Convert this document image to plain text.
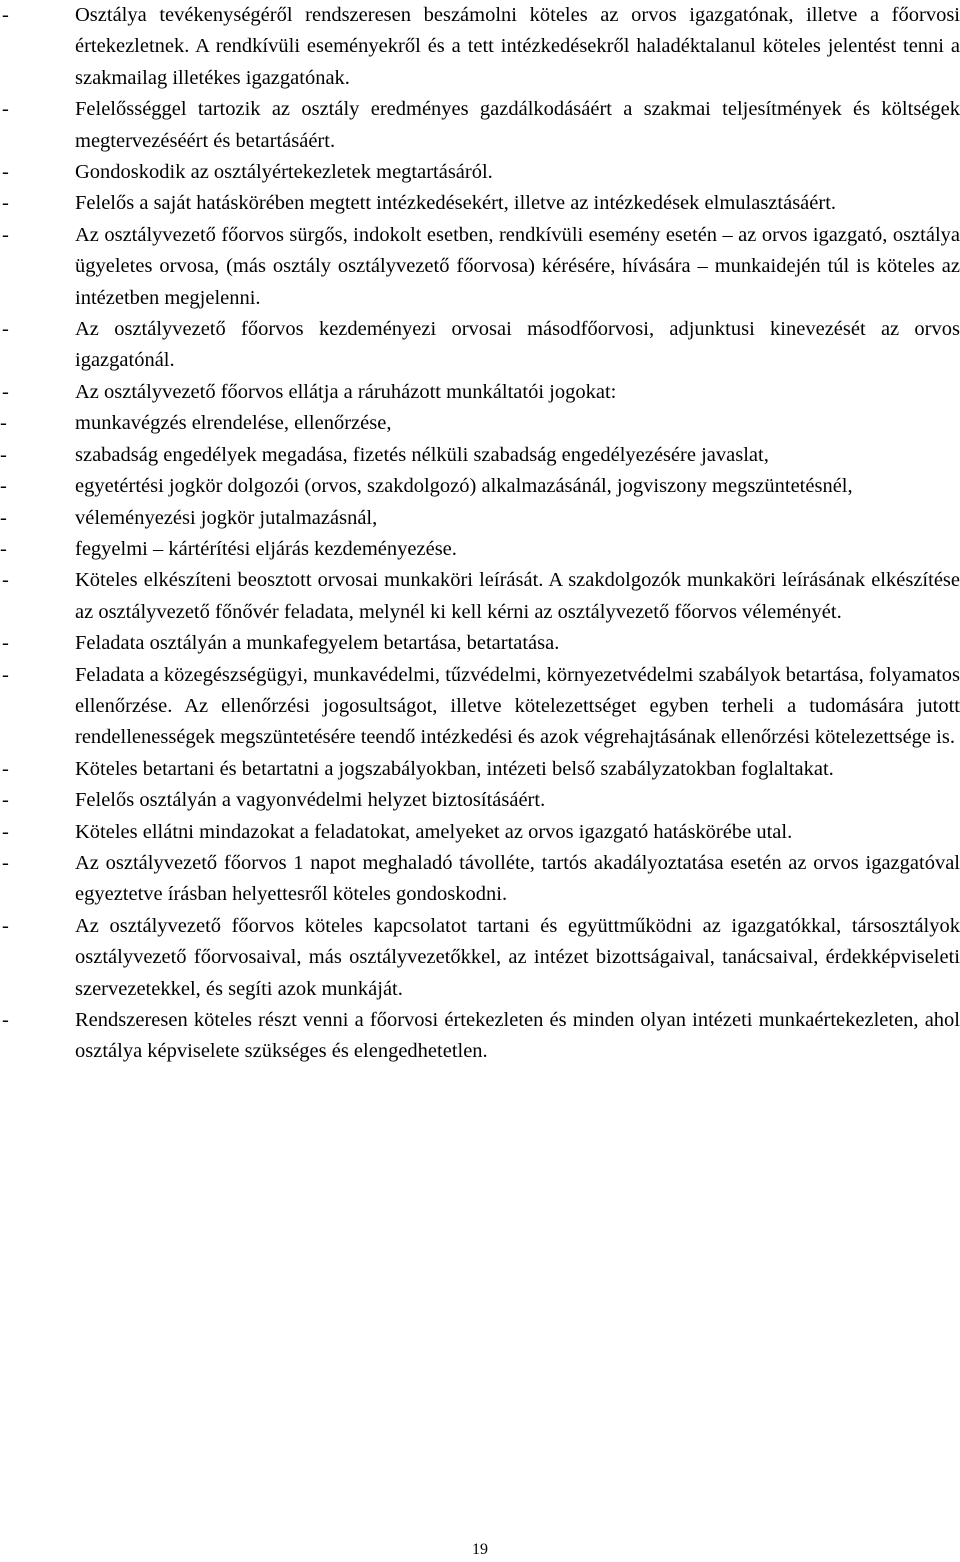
-	Osztálya tevékenységéről rendszeresen beszámolni köteles az orvos igazgatónak, illetve a főorvosi értekezletnek. A rendkívüli eseményekről és a tett intézkedésekről haladéktalanul köteles jelentést tenni a szakmailag illetékes igazgatónak.

-	Felelősséggel tartozik az osztály eredményes gazdálkodásáért a szakmai teljesítmények és költségek megtervezéséért és betartásáért.

-	Gondoskodik az osztályértekezletek megtartásáról.

-	Felelős a saját hatáskörében megtett intézkedésekért, illetve az intézkedések elmulasztásáért.

-	Az osztályvezető főorvos sürgős, indokolt esetben, rendkívüli esemény esetén – az orvos igazgató, osztálya ügyeletes orvosa, (más osztály osztályvezető főorvosa) kérésére, hívására – munkaidején túl is köteles az intézetben megjelenni.

-	Az osztályvezető főorvos kezdeményezi orvosai másodfőorvosi, adjunktusi kinevezését az orvos igazgatónál.

-	Az osztályvezető főorvos ellátja a ráruházott munkáltatói jogokat:

-	munkavégzés elrendelése, ellenőrzése,

-	szabadság engedélyek megadása, fizetés nélküli szabadság engedélyezésére javaslat,

-	egyetértési jogkör dolgozói (orvos, szakdolgozó) alkalmazásánál, jogviszony megszüntetésnél,

-	véleményezési jogkör jutalmazásnál,

-	fegyelmi – kártérítési eljárás kezdeményezése.

-	Köteles elkészíteni beosztott orvosai munkaköri leírását. A szakdolgozók munkaköri leírásának elkészítése az osztályvezető főnővér feladata, melynél ki kell kérni az osztályvezető főorvos véleményét.

-	Feladata osztályán a munkafegyelem betartása, betartatása.

-	Feladata a közegészségügyi, munkavédelmi, tűzvédelmi, környezetvédelmi szabályok betartása, folyamatos ellenőrzése. Az ellenőrzési jogosultságot, illetve kötelezettséget egyben terheli a tudomására jutott rendellenességek megszüntetésére teendő intézkedési és azok végrehajtásának ellenőrzési kötelezettsége is.

-	Köteles betartani és betartatni a jogszabályokban, intézeti belső szabályzatokban foglaltakat.

-	Felelős osztályán a vagyonvédelmi helyzet biztosításáért.

-	Köteles ellátni mindazokat a feladatokat, amelyeket az orvos igazgató hatáskörébe utal.

-	Az osztályvezető főorvos 1 napot meghaladó távolléte, tartós akadályoztatása esetén az orvos igazgatóval egyeztetve írásban helyettesről köteles gondoskodni.

-	Az osztályvezető főorvos köteles kapcsolatot tartani és együttműködni az igazgatókkal, társosztályok osztályvezető főorvosaival, más osztályvezetőkkel, az intézet bizottságaival, tanácsaival, érdekképviseleti szervezetekkel, és segíti azok munkáját.

-	Rendszeresen köteles részt venni a főorvosi értekezleten és minden olyan intézeti munkaértekezleten, ahol osztálya képviselete szükséges és elengedhetetlen.

19
